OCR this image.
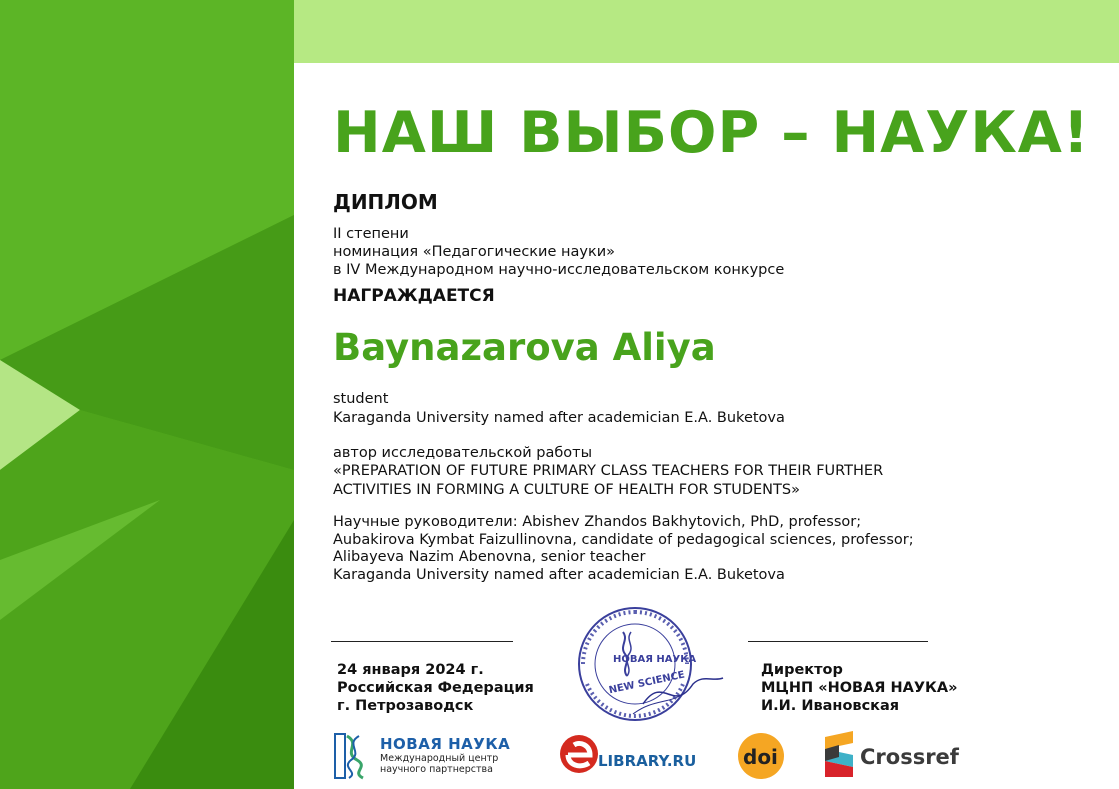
НАШ ВЫБОР – НАУКА!
ДИПЛОМ
II степени
номинация «Педагогические науки»
в IV Международном научно-исследовательском конкурсе
НАГРАЖДАЕТСЯ
Baynazarova Aliya
student
Karaganda University named after academician E.A. Buketova
автор исследовательской работы
«PREPARATION OF FUTURE PRIMARY CLASS TEACHERS FOR THEIR FURTHER
ACTIVITIES IN FORMING A CULTURE OF HEALTH FOR STUDENTS»
Научные руководители: Abishev Zhandos Bakhytovich, PhD, professor;
Aubakirova Kymbat Faizullinovna, candidate of pedagogical sciences, professor;
Alibayeva Nazim Abenovna, senior teacher
Karaganda University named after academician E.A. Buketova
24 января 2024 г.
Российская Федерация
г. Петрозаводск
Директор
МЦНП «НОВАЯ НАУКА»
И.И. Ивановская
НОВАЯ НАУКА
NEW SCIENCE
НОВАЯ НАУКА
Международный центр
научного партнерства	LIBRARY.RU doi	Crossref
